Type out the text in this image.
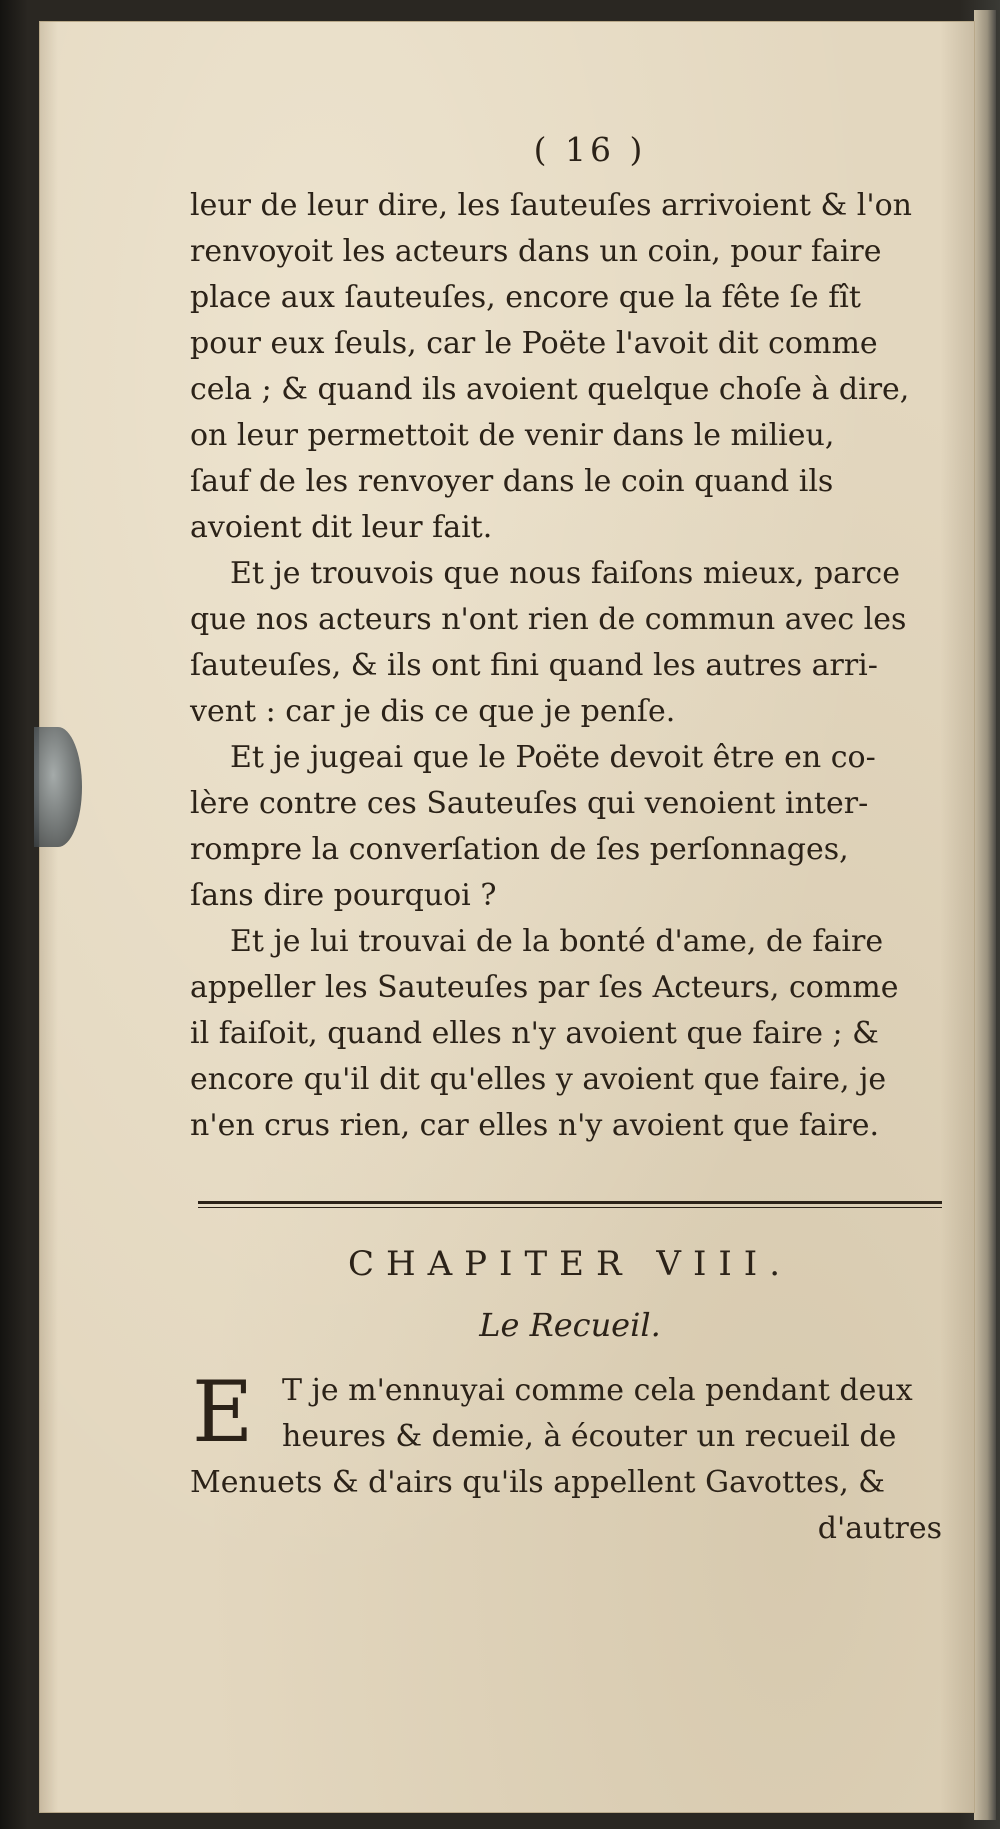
( 16 )

leur de leur dire, les ſauteuſes arrivoient & l'on
renvoyoit les acteurs dans un coin, pour faire
place aux ſauteuſes, encore que la fête ſe fît
pour eux ſeuls, car le Poëte l'avoit dit comme
cela ; & quand ils avoient quelque choſe à dire,
on leur permettoit de venir dans le milieu,
ſauf de les renvoyer dans le coin quand ils
avoient dit leur fait.

Et je trouvois que nous faiſons mieux, parce
que nos acteurs n'ont rien de commun avec les
ſauteuſes, & ils ont fini quand les autres arri-
vent : car je dis ce que je penſe.

Et je jugeai que le Poëte devoit être en co-
lère contre ces Sauteuſes qui venoient inter-
rompre la converſation de ſes perſonnages,
ſans dire pourquoi ?

Et je lui trouvai de la bonté d'ame, de faire
appeller les Sauteuſes par ſes Acteurs, comme
il faiſoit, quand elles n'y avoient que faire ; &
encore qu'il dit qu'elles y avoient que faire, je
n'en crus rien, car elles n'y avoient que faire.

CHAPITER VIII.
Le Recueil.
E T je m'ennuyai comme cela pendant deux
heures & demie, à écouter un recueil de
Menuets & d'airs qu'ils appellent Gavottes, &
d'autres
